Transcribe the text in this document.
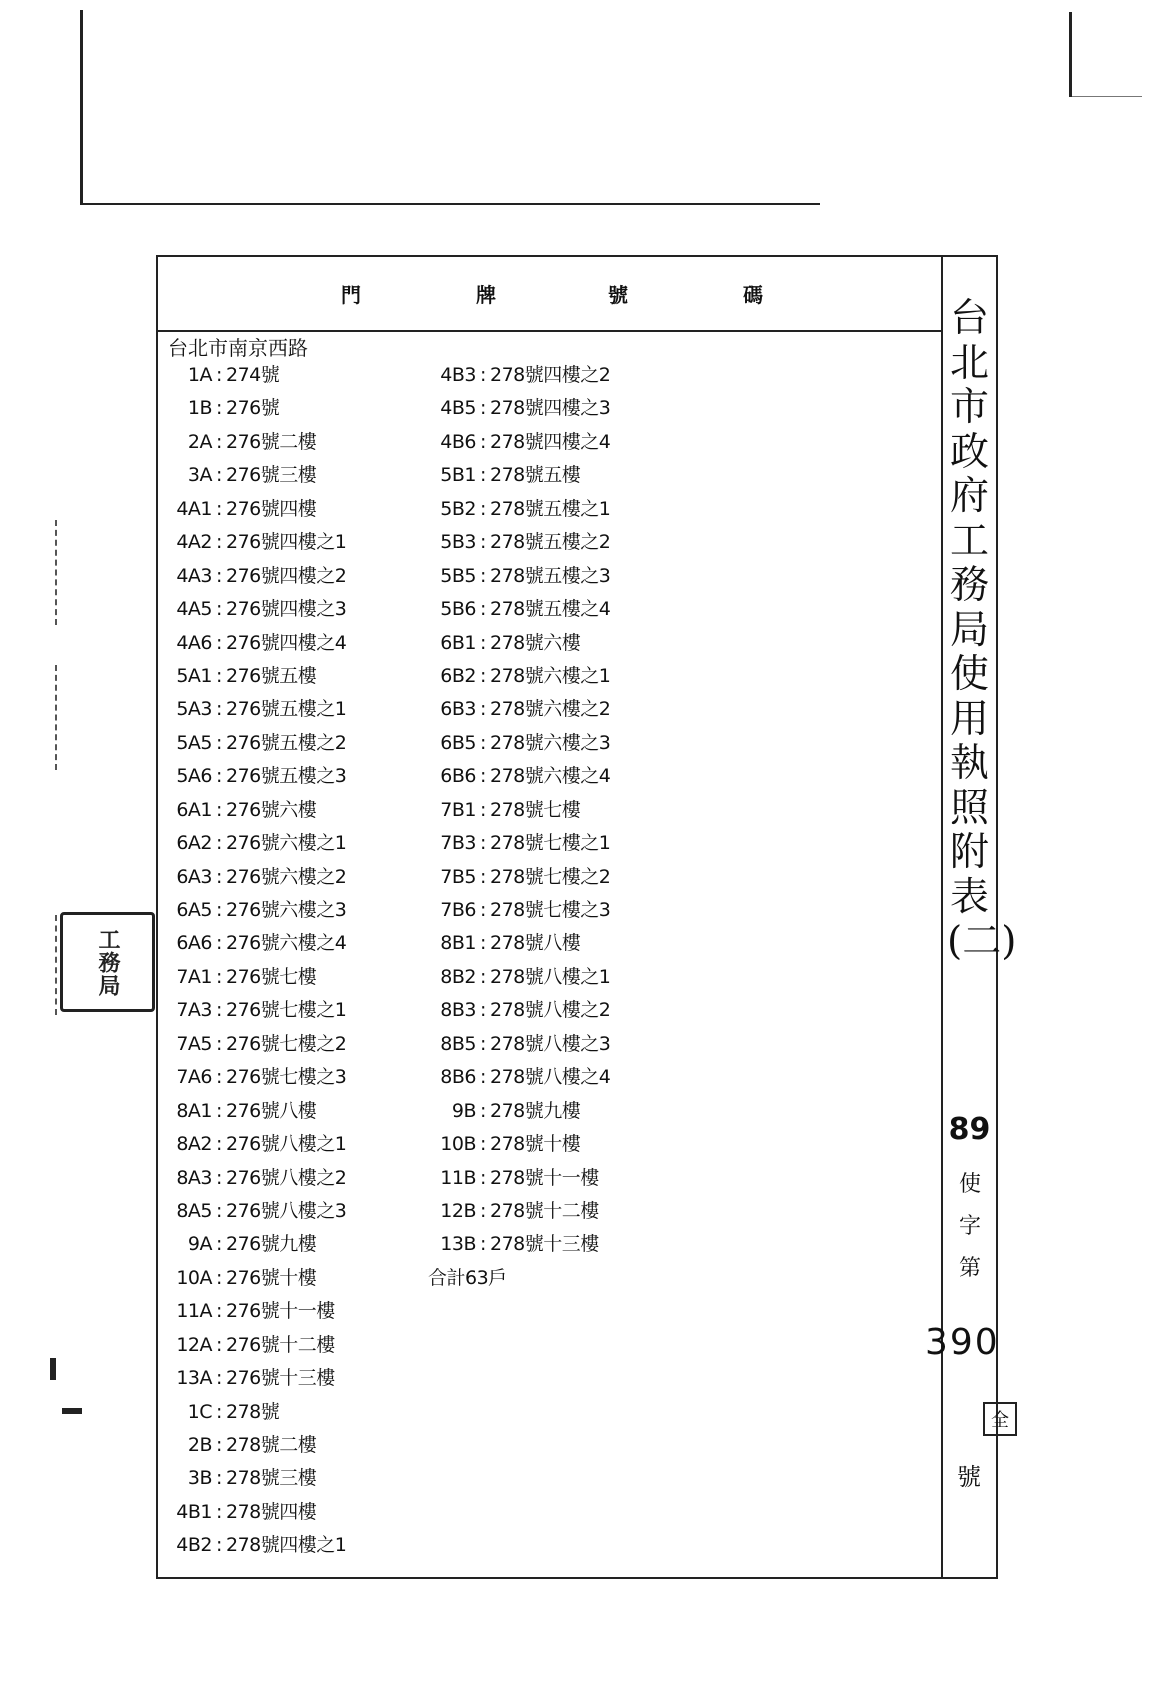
工務局
門	牌	號	碼
台北市南京西路
1A : 274號
1B : 276號
2A : 276號二樓
3A : 276號三樓
4A1 : 276號四樓
4A2 : 276號四樓之1
4A3 : 276號四樓之2
4A5 : 276號四樓之3
4A6 : 276號四樓之4
5A1 : 276號五樓
5A3 : 276號五樓之1
5A5 : 276號五樓之2
5A6 : 276號五樓之3
6A1 : 276號六樓
6A2 : 276號六樓之1
6A3 : 276號六樓之2
6A5 : 276號六樓之3
6A6 : 276號六樓之4
7A1 : 276號七樓
7A3 : 276號七樓之1
7A5 : 276號七樓之2
7A6 : 276號七樓之3
8A1 : 276號八樓
8A2 : 276號八樓之1
8A3 : 276號八樓之2
8A5 : 276號八樓之3
9A : 276號九樓
10A : 276號十樓
11A : 276號十一樓
12A : 276號十二樓
13A : 276號十三樓
1C : 278號
2B : 278號二樓
3B : 278號三樓
4B1 : 278號四樓
4B2 : 278號四樓之1
4B3 : 278號四樓之2
4B5 : 278號四樓之3
4B6 : 278號四樓之4
5B1 : 278號五樓
5B2 : 278號五樓之1
5B3 : 278號五樓之2
5B5 : 278號五樓之3
5B6 : 278號五樓之4
6B1 : 278號六樓
6B2 : 278號六樓之1
6B3 : 278號六樓之2
6B5 : 278號六樓之3
6B6 : 278號六樓之4
7B1 : 278號七樓
7B3 : 278號七樓之1
7B5 : 278號七樓之2
7B6 : 278號七樓之3
8B1 : 278號八樓
8B2 : 278號八樓之1
8B3 : 278號八樓之2
8B5 : 278號八樓之3
8B6 : 278號八樓之4
9B : 278號九樓
10B : 278號十樓
11B : 278號十一樓
12B : 278號十二樓
13B : 278號十三樓
合計63戶
台北市政府工務局使用執照附表(二)
89
使
字
第
390
全
號
